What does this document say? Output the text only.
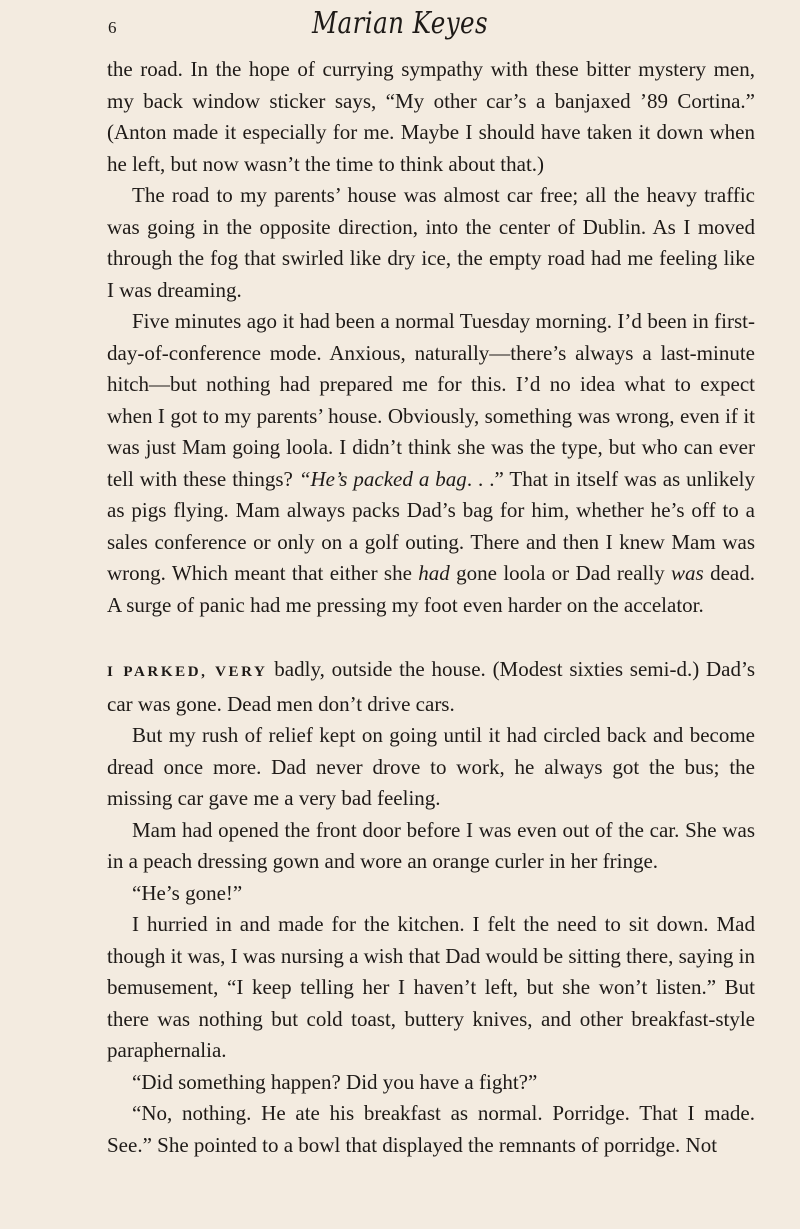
6	Marian Keyes

the road. In the hope of currying sympathy with these bitter mystery men, my back window sticker says, “My other car’s a banjaxed ’89 Cortina.” (Anton made it especially for me. Maybe I should have taken it down when he left, but now wasn’t the time to think about that.)

The road to my parents’ house was almost car free; all the heavy traffic was going in the opposite direction, into the center of Dublin. As I moved through the fog that swirled like dry ice, the empty road had me feeling like I was dreaming.

Five minutes ago it had been a normal Tuesday morning. I’d been in first-day-of-conference mode. Anxious, naturally—there’s always a last-minute hitch—but nothing had prepared me for this. I’d no idea what to expect when I got to my parents’ house. Obviously, something was wrong, even if it was just Mam going loola. I didn’t think she was the type, but who can ever tell with these things? “He’s packed a bag. . .” That in itself was as unlikely as pigs flying. Mam always packs Dad’s bag for him, whether he’s off to a sales conference or only on a golf outing. There and then I knew Mam was wrong. Which meant that either she had gone loola or Dad really was dead. A surge of panic had me pressing my foot even harder on the accelator.

I PARKED, VERY badly, outside the house. (Modest sixties semi-d.) Dad’s car was gone. Dead men don’t drive cars.

But my rush of relief kept on going until it had circled back and become dread once more. Dad never drove to work, he always got the bus; the missing car gave me a very bad feeling.

Mam had opened the front door before I was even out of the car. She was in a peach dressing gown and wore an orange curler in her fringe.

“He’s gone!”

I hurried in and made for the kitchen. I felt the need to sit down. Mad though it was, I was nursing a wish that Dad would be sitting there, saying in bemusement, “I keep telling her I haven’t left, but she won’t listen.” But there was nothing but cold toast, buttery knives, and other breakfast-style paraphernalia.

“Did something happen? Did you have a fight?”

“No, nothing. He ate his breakfast as normal. Porridge. That I made. See.” She pointed to a bowl that displayed the remnants of porridge. Not
